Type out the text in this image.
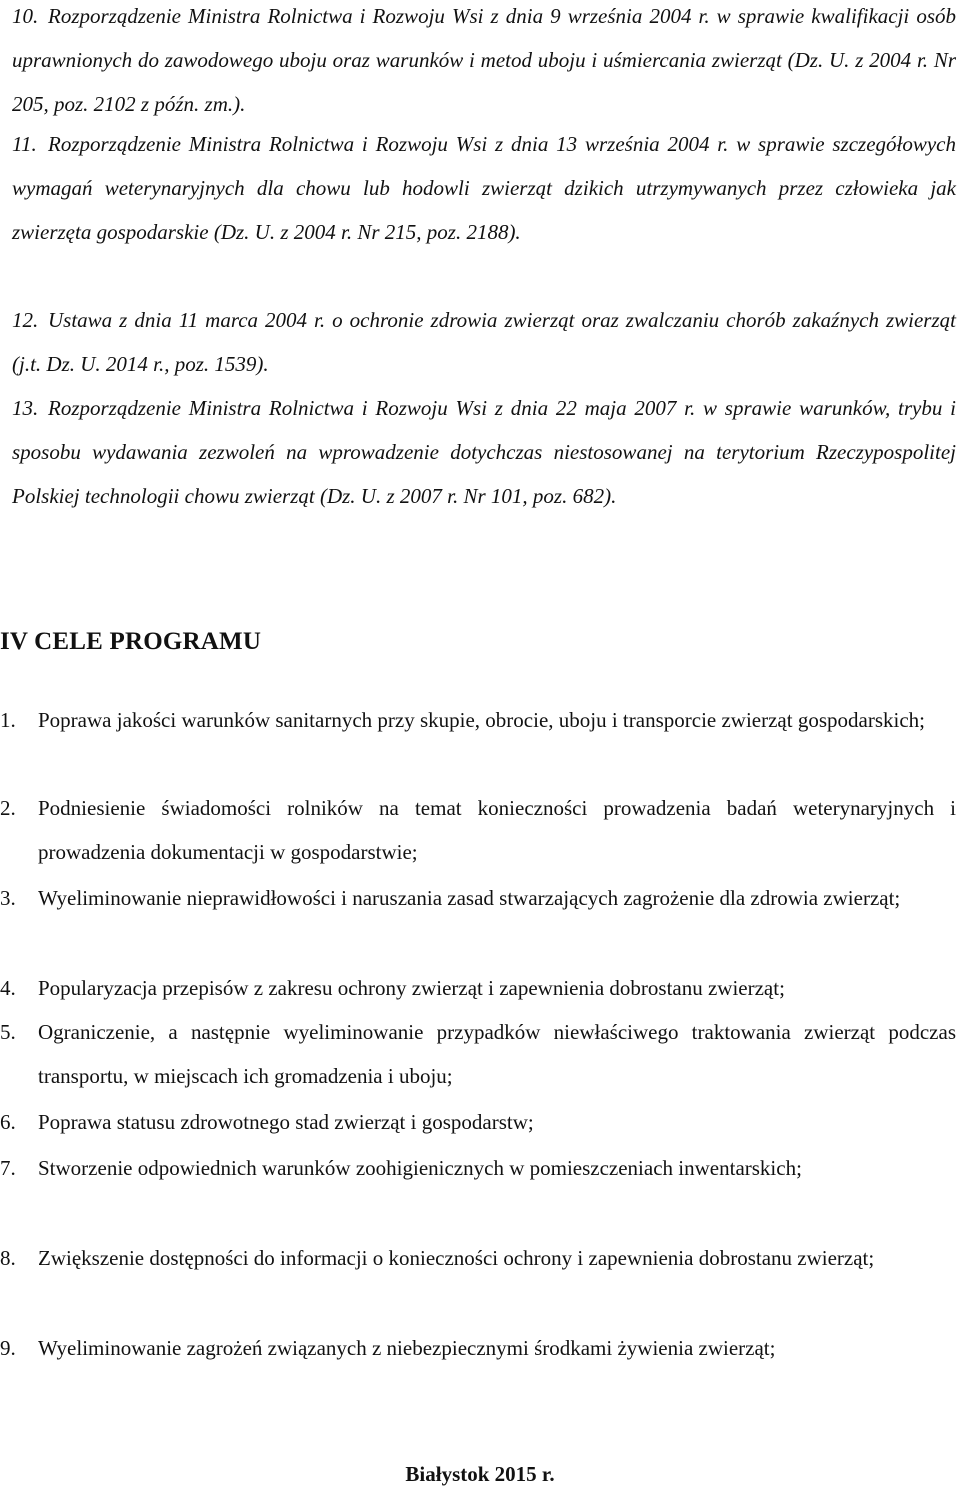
10. Rozporządzenie Ministra Rolnictwa i Rozwoju Wsi z dnia 9 września 2004 r. w sprawie kwalifikacji osób uprawnionych do zawodowego uboju oraz warunków i metod uboju i uśmiercania zwierząt (Dz. U. z 2004 r. Nr 205, poz. 2102 z późn. zm.).
11. Rozporządzenie Ministra Rolnictwa i Rozwoju Wsi z dnia 13 września 2004 r. w sprawie szczegółowych wymagań weterynaryjnych dla chowu lub hodowli zwierząt dzikich utrzymywanych przez człowieka jak zwierzęta gospodarskie (Dz. U. z 2004 r. Nr 215, poz. 2188).
12. Ustawa z dnia 11 marca 2004 r. o ochronie zdrowia zwierząt oraz zwalczaniu chorób zakaźnych zwierząt (j.t. Dz. U. 2014 r., poz. 1539).
13. Rozporządzenie Ministra Rolnictwa i Rozwoju Wsi z dnia 22 maja 2007 r. w sprawie warunków, trybu i sposobu wydawania zezwoleń na wprowadzenie dotychczas niestosowanej na terytorium Rzeczypospolitej Polskiej technologii chowu zwierząt (Dz. U. z 2007 r. Nr 101, poz. 682).
IV CELE PROGRAMU
1. Poprawa jakości warunków sanitarnych przy skupie, obrocie, uboju i transporcie zwierząt gospodarskich;
2. Podniesienie świadomości rolników na temat konieczności prowadzenia badań weterynaryjnych i prowadzenia dokumentacji w gospodarstwie;
3. Wyeliminowanie nieprawidłowości i naruszania zasad stwarzających zagrożenie dla zdrowia zwierząt;
4. Popularyzacja przepisów z zakresu ochrony zwierząt i zapewnienia dobrostanu zwierząt;
5. Ograniczenie, a następnie wyeliminowanie przypadków niewłaściwego traktowania zwierząt podczas transportu, w miejscach ich gromadzenia i uboju;
6. Poprawa statusu zdrowotnego stad zwierząt i gospodarstw;
7. Stworzenie odpowiednich warunków zoohigienicznych w pomieszczeniach inwentarskich;
8. Zwiększenie dostępności do informacji o konieczności ochrony i zapewnienia dobrostanu zwierząt;
9. Wyeliminowanie zagrożeń związanych z niebezpiecznymi środkami żywienia zwierząt;
Białystok 2015 r.
